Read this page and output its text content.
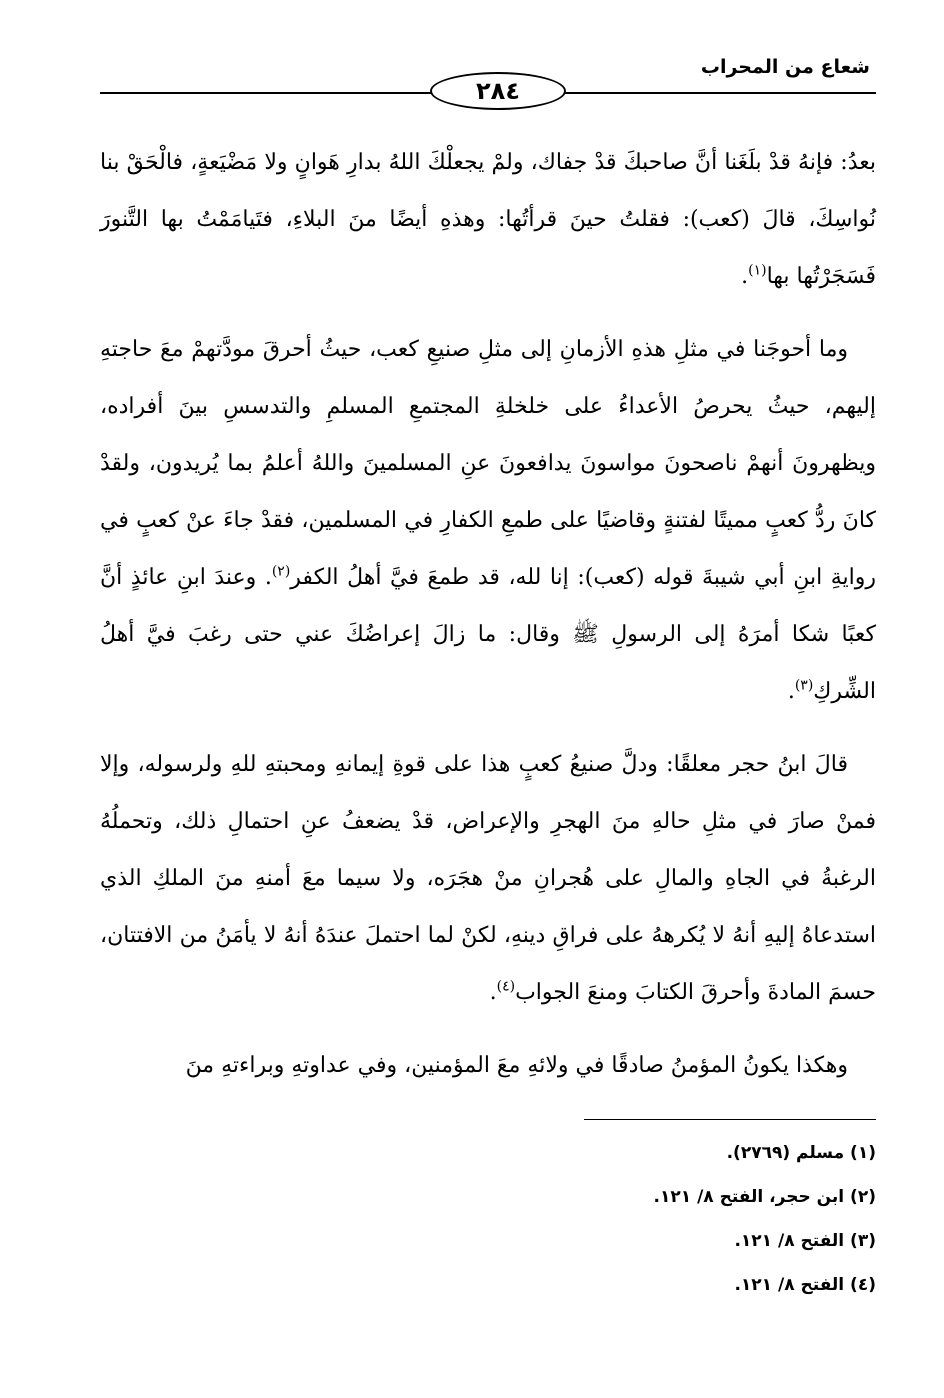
شعاع من المحراب
٢٨٤

بعدُ: فإنهُ قدْ بلَغَنا أنَّ صاحبكَ قدْ جفاك، ولمْ يجعلْكَ اللهُ بدارِ هَوانٍ ولا مَضْيَعةٍ، فالْحَقْ بنا نُواسِكَ، قالَ (كعب): فقلتُ حينَ قرأتُها: وهذهِ أيضًا منَ البلاءِ، فتَيامَمْتُ بها التَّنورَ فَسَجَرْتُها بها$^{(١)}$.

وما أحوجَنا في مثلِ هذهِ الأزمانِ إلى مثلِ صنيعِ كعب، حيثُ أحرقَ مودَّتهمْ معَ حاجتهِ إليهم، حيثُ يحرصُ الأعداءُ على خلخلةِ المجتمعِ المسلمِ والتدسسِ بينَ أفراده، ويظهرونَ أنهمْ ناصحونَ مواسونَ يدافعونَ عنِ المسلمينَ واللهُ أعلمُ بما يُريدون، ولقدْ كانَ ردُّ كعبٍ مميتًا لفتنةٍ وقاضيًا على طمعِ الكفارِ في المسلمين، فقدْ جاءَ عنْ كعبٍ في روايةِ ابنِ أبي شيبةَ قوله (كعب): إنا لله، قد طمعَ فيَّ أهلُ الكفر$^{(٢)}$. وعندَ ابنِ عائذٍ أنَّ كعبًا شكا أمرَهُ إلى الرسولِ ﷺ وقال: ما زالَ إعراضُكَ عني حتى رغبَ فيَّ أهلُ الشِّركِ$^{(٣)}$.

قالَ ابنُ حجر معلقًا: ودلَّ صنيعُ كعبٍ هذا على قوةِ إيمانهِ ومحبتهِ للهِ ولرسوله، وإلا فمنْ صارَ في مثلِ حالهِ منَ الهجرِ والإعراض، قدْ يضعفُ عنِ احتمالِ ذلك، وتحملُهُ الرغبةُ في الجاهِ والمالِ على هُجرانِ منْ هجَرَه، ولا سيما معَ أمنهِ منَ الملكِ الذي استدعاهُ إليهِ أنهُ لا يُكرههُ على فراقِ دينهِ، لكنْ لما احتملَ عندَهُ أنهُ لا يأمَنُ من الافتتان، حسمَ المادةَ وأحرقَ الكتابَ ومنعَ الجواب$^{(٤)}$.

وهكذا يكونُ المؤمنُ صادقًا في ولائهِ معَ المؤمنين، وفي عداوتهِ وبراءتهِ منَ

(١) مسلم (٢٧٦٩).
(٢) ابن حجر، الفتح ٨/ ١٢١.
(٣) الفتح ٨/ ١٢١.
(٤) الفتح ٨/ ١٢١.
